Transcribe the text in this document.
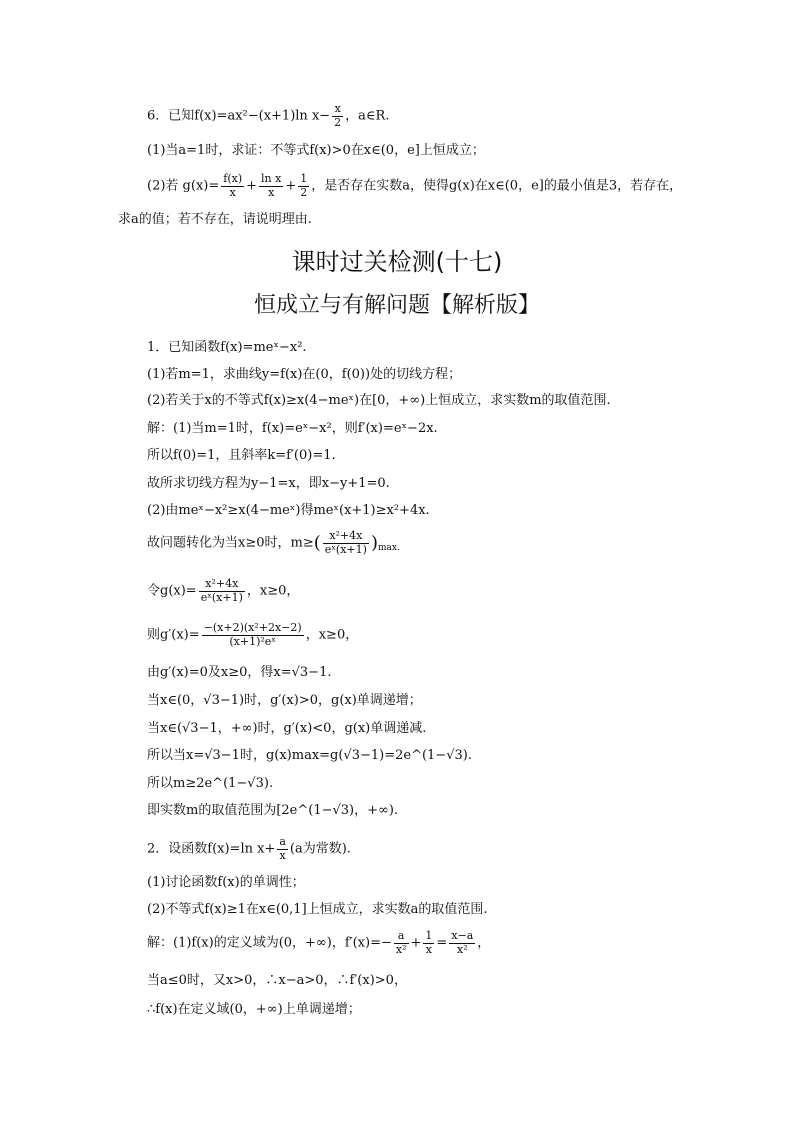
6．已知f(x)=ax²−(x+1)ln $x- \frac{x}{2}$ ，a∈R.
(1)当a=1时，求证：不等式f(x)>0在x∈(0，e]上恒成立；
(2)若 $g(x)= \frac{f(x)}{x} + \frac{\text{ln x}}{x} + \frac{1}{2}$ ，是否存在实数a，使得g(x)在x∈(0，e]的最小值是3，若存在，
求a的值；若不存在，请说明理由.
课时过关检测(十七)
恒成立与有解问题【解析版】
1．已知函数f(x)=meˣ−x².
(1)若m=1，求曲线y=f(x)在(0，f(0))处的切线方程；
(2)若关于x的不等式f(x)≥x(4−meˣ)在[0，+∞)上恒成立，求实数m的取值范围.
解：(1)当m=1时，f(x)=eˣ−x²，则f′(x)=eˣ−2x.
所以f(0)=1，且斜率k=f′(0)=1.
故所求切线方程为y−1=x，即x−y+1=0.
(2)由meˣ−x²≥x(4−meˣ)得meˣ(x+1)≥x²+4x.
故问题转化为当x≥0时，$m\ge( \frac{\text{x²+4x}}{\text{eˣ(x+1)}} )_{max.}$
令$g(x)= \frac{\text{x²+4x}}{\text{eˣ(x+1)}}$ ，x≥0，
则$g'(x)= \frac{\text{−(x+2)(x²+2x−2)}}{\text{(x+1)²eˣ}}$ ，x≥0，
由g′(x)=0及x≥0，得x=√3−1.
当x∈(0，√3−1)时，g′(x)>0，g(x)单调递增；
当x∈(√3−1，+∞)时，g′(x)<0，g(x)单调递减.
所以当x=√3−1时，g(x)max=g(√3−1)=2e^(1−√3).
所以m≥2e^(1−√3).
即实数m的取值范围为[2e^(1−√3)，+∞).
2．设函数f(x)=ln $x+ \frac{a}{x} (a$为常数).
(1)讨论函数f(x)的单调性；
(2)不等式f(x)≥1在x∈(0,1]上恒成立，求实数a的取值范围.
解：(1)f(x)的定义域为(0，+∞)，$f'(x)=- \frac{a}{\text{x²}} + \frac{1}{x} = \frac{x-a}{\text{x²}}$ ，
当a≤0时，又x>0，∴x−a>0，∴f′(x)>0，
∴f(x)在定义域(0，+∞)上单调递增；
